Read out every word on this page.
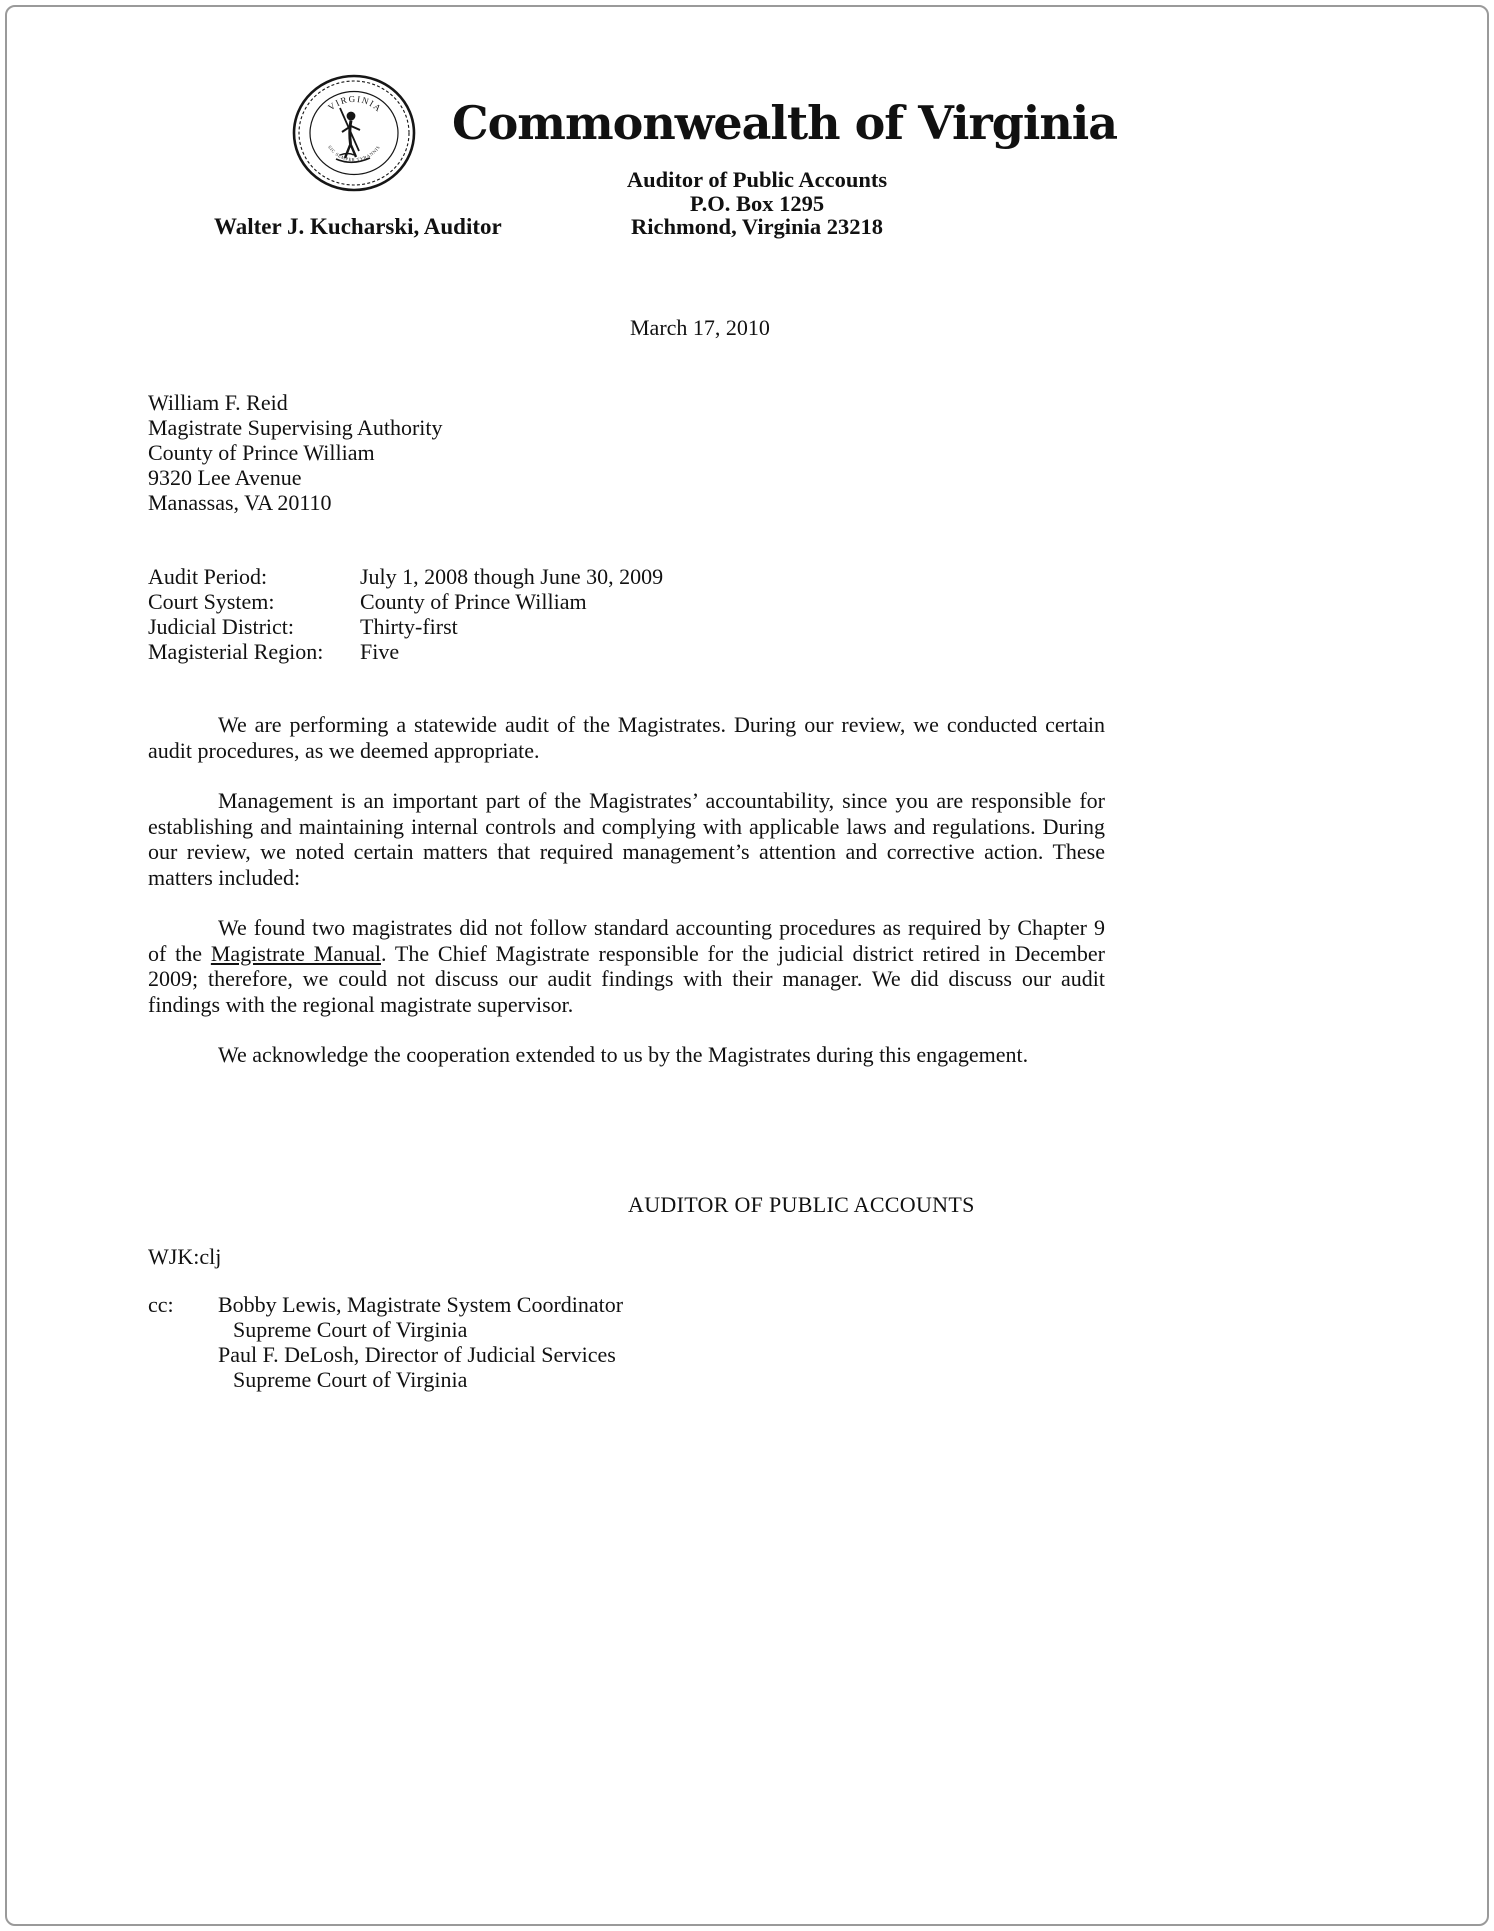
VIRGINIA
SIC SEMPER TYRANNIS Commonwealth of Virginia
Auditor of Public Accounts
P.O. Box 1295
Richmond, Virginia 23218
Walter J. Kucharski, Auditor
March 17, 2010
William F. Reid
Magistrate Supervising Authority
County of Prince William
9320 Lee Avenue
Manassas, VA 20110
Audit Period:	July 1, 2008 though June 30, 2009
Court System:	County of Prince William
Judicial District:	Thirty-first
Magisterial Region:	Five

We are performing a statewide audit of the Magistrates. During our review, we conducted certain audit procedures, as we deemed appropriate.

Management is an important part of the Magistrates’ accountability, since you are responsible for establishing and maintaining internal controls and complying with applicable laws and regulations. During our review, we noted certain matters that required management’s attention and corrective action. These matters included:

We found two magistrates did not follow standard accounting procedures as required by Chapter 9 of the Magistrate Manual. The Chief Magistrate responsible for the judicial district retired in December 2009; therefore, we could not discuss our audit findings with their manager. We did discuss our audit findings with the regional magistrate supervisor.

We acknowledge the cooperation extended to us by the Magistrates during this engagement.

AUDITOR OF PUBLIC ACCOUNTS
WJK:clj
cc:	Bobby Lewis, Magistrate System Coordinator
Supreme Court of Virginia
Paul F. DeLosh, Director of Judicial Services
Supreme Court of Virginia
